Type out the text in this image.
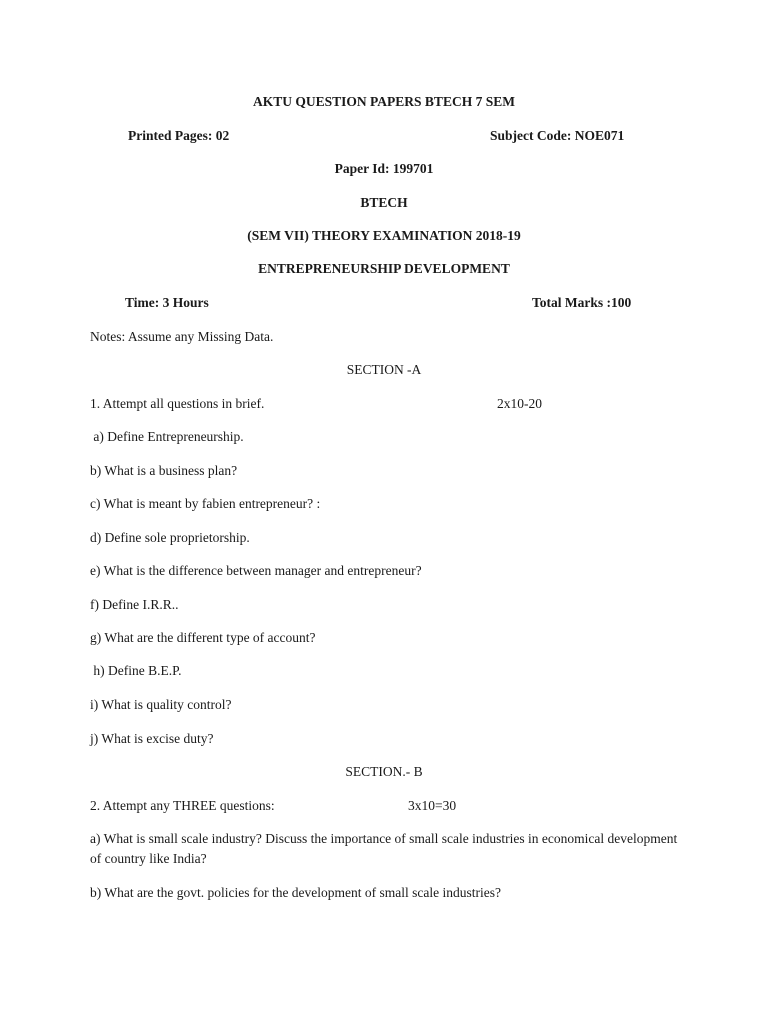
AKTU QUESTION PAPERS BTECH 7 SEM
Printed Pages: 02	Subject Code: NOE071
Paper Id: 199701
BTECH
(SEM VII) THEORY EXAMINATION 2018-19
ENTREPRENEURSHIP DEVELOPMENT
Time: 3 Hours	Total Marks :100
Notes: Assume any Missing Data.
SECTION -A
1. Attempt all questions in brief.	2x10-20
a) Define Entrepreneurship.
b) What is a business plan?
c) What is meant by fabien entrepreneur? :
d) Define sole proprietorship.
e) What is the difference between manager and entrepreneur?
f) Define I.R.R..
g) What are the different type of account?
h) Define B.E.P.
i) What is quality control?
j) What is excise duty?
SECTION.- B
2. Attempt any THREE questions:	3x10=30
a) What is small scale industry? Discuss the importance of small scale industries in economical development of country like India?
b) What are the govt. policies for the development of small scale industries?
